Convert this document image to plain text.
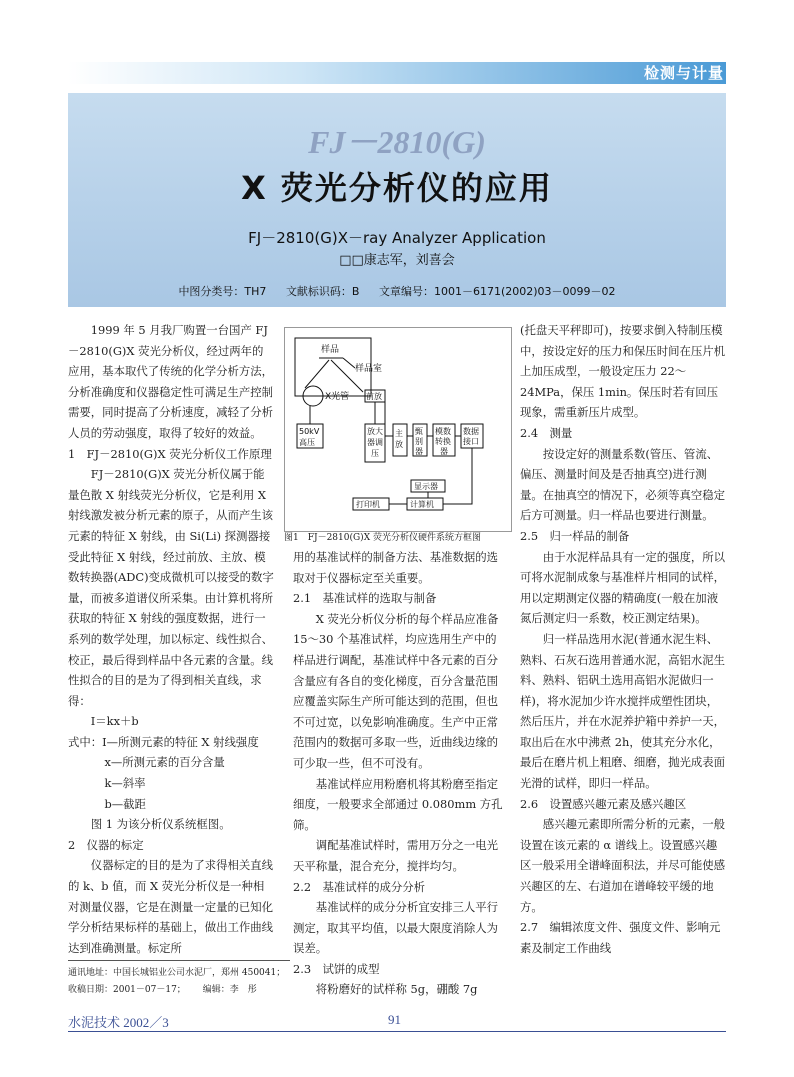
检测与计量
FJ－2810(G)
X 荧光分析仪的应用
FJ－2810(G)X－ray Analyzer Application
□□康志军，刘喜会
中图分类号：TH7 文献标识码：B 文章编号：1001－6171(2002)03－0099－02

1999 年 5 月我厂购置一台国产 FJ－2810(G)X 荧光分析仪，经过两年的应用，基本取代了传统的化学分析方法，分析准确度和仪器稳定性可满足生产控制需要，同时提高了分析速度，减轻了分析人员的劳动强度，取得了较好的效益。

1　FJ－2810(G)X 荧光分析仪工作原理

FJ－2810(G)X 荧光分析仪属于能量色散 X 射线荧光分析仪，它是利用 X 射线激发被分析元素的原子，从而产生该元素的特征 X 射线，由 Si(Li) 探测器接受此特征 X 射线，经过前放、主放、模数转换器(ADC)变成微机可以接受的数字量，而被多道谱仪所采集。由计算机将所获取的特征 X 射线的强度数据，进行一系列的数学处理，加以标定、线性拟合、校正，最后得到样品中各元素的含量。线性拟合的目的是为了得到相关直线，求得：

I＝kx＋b

式中：I—所测元素的特征 X 射线强度

x—所测元素的百分含量

k—斜率

b—截距

图 1 为该分析仪系统框图。

2　仪器的标定

仪器标定的目的是为了求得相关直线的 k、b 值，而 X 荧光分析仪是一种相对测量仪器，它是在测量一定量的已知化学分析结果标样的基础上，做出工作曲线达到准确测量。标定所

样品
样品室
X光管 前放
50kV
高压
放大
器调
压
主
放
甄
别
器
模数
转换
器
数据
接口
显示器
打印机	计算机
图1　FJ－2810(G)X 荧光分析仪硬件系统方框图

用的基准试样的制备方法、基准数据的选取对于仪器标定至关重要。

2.1　基准试样的选取与制备

X 荧光分析仪分析的每个样品应准备 15～30 个基准试样，均应选用生产中的样品进行调配，基准试样中各元素的百分含量应有各自的变化梯度，百分含量范围应覆盖实际生产所可能达到的范围，但也不可过宽，以免影响准确度。生产中正常范围内的数据可多取一些，近曲线边缘的可少取一些，但不可没有。

基准试样应用粉磨机将其粉磨至指定细度，一般要求全部通过 0.080mm 方孔筛。

调配基准试样时，需用万分之一电光天平称量，混合充分，搅拌均匀。

2.2　基准试样的成分分析

基准试样的成分分析宜安排三人平行测定，取其平均值，以最大限度消除人为误差。

2.3　试饼的成型

将粉磨好的试样称 5g，硼酸 7g

(托盘天平秤即可)，按要求倒入特制压模中，按设定好的压力和保压时间在压片机上加压成型，一般设定压力 22～24MPa，保压 1min。保压时若有回压现象，需重新压片成型。

2.4　测量

按设定好的测量系数(管压、管流、偏压、测量时间及是否抽真空)进行测量。在抽真空的情况下，必须等真空稳定后方可测量。归一样品也要进行测量。

2.5　归一样品的制备

由于水泥样品具有一定的强度，所以可将水泥制成象与基准样片相同的试样，用以定期测定仪器的精确度(一般在加液氮后测定归一系数，校正测定结果)。

归一样品选用水泥(普通水泥生料、熟料、石灰石选用普通水泥，高铝水泥生料、熟料、铝矾土选用高铝水泥做归一样)，将水泥加少许水搅拌成塑性团块，然后压片，并在水泥养护箱中养护一天，取出后在水中沸煮 2h，使其充分水化，最后在磨片机上粗磨、细磨，抛光成表面光滑的试样，即归一样品。

2.6　设置感兴趣元素及感兴趣区

感兴趣元素即所需分析的元素，一般设置在该元素的 α 谱线上。设置感兴趣区一般采用全谱峰面积法，并尽可能使感兴趣区的左、右道加在谱峰较平缓的地方。

2.7　编辑浓度文件、强度文件、影响元素及制定工作曲线

通讯地址：中国长城铝业公司水泥厂，郑州 450041；
收稿日期：2001－07－17； 编辑：李　彤
水泥技术 2002／3	91
